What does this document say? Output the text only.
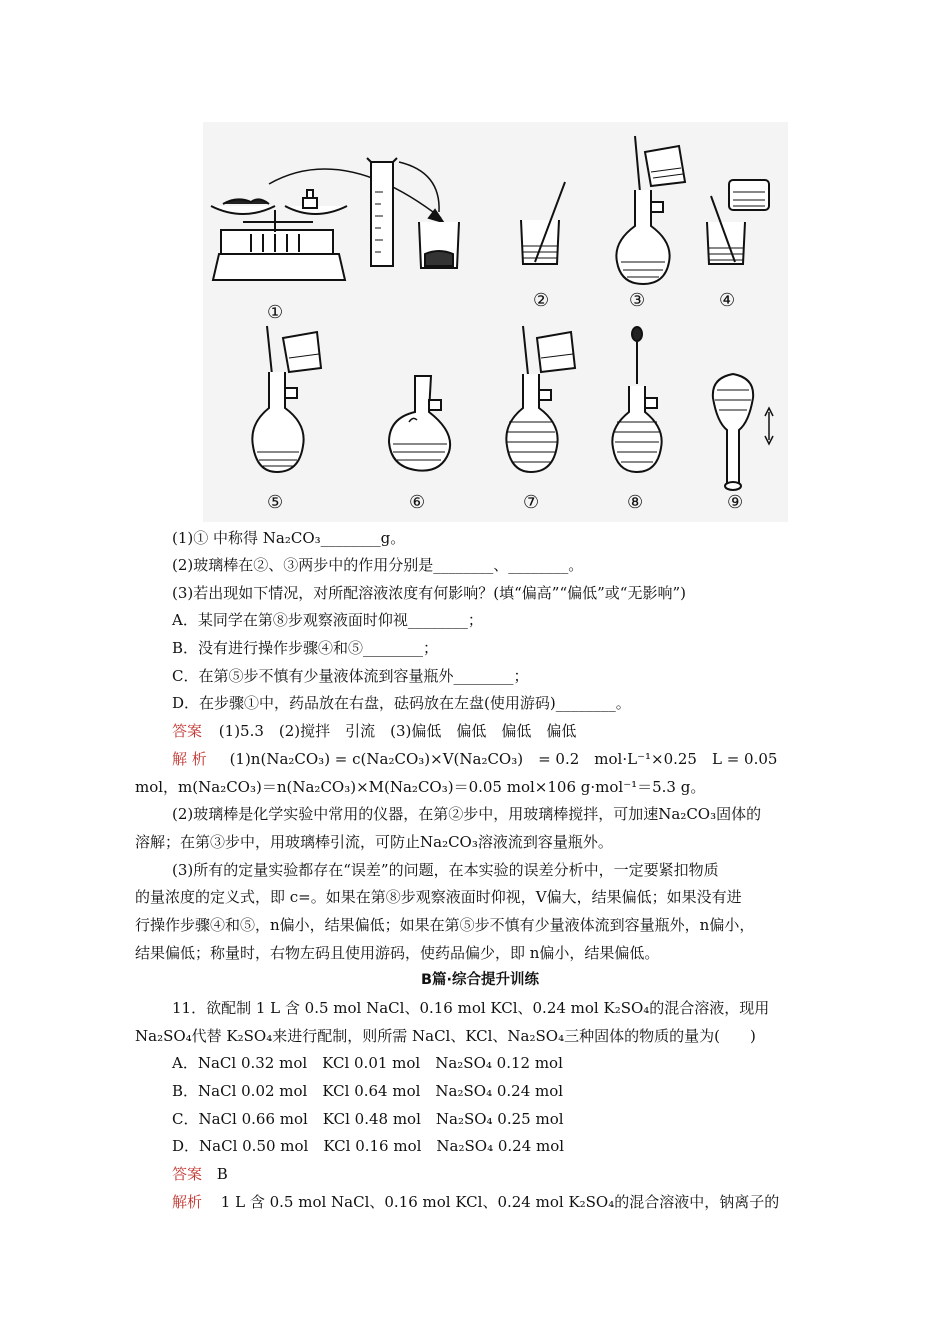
①
②	③	④
⑤	⑥	⑦	⑧	⑨
(1)① 中称得 Na₂CO₃________g。
(2)玻璃棒在②、③两步中的作用分别是________、________。
(3)若出现如下情况，对所配溶液浓度有何影响？(填“偏高”“偏低”或“无影响”)
A．某同学在第⑧步观察液面时仰视________；
B．没有进行操作步骤④和⑤________；
C．在第⑤步不慎有少量液体流到容量瓶外________；
D．在步骤①中，药品放在右盘，砝码放在左盘(使用游码)________。
答案 (1)5.3　(2)搅拌　引流　(3)偏低　偏低　偏低　偏低
解 析 (1)n(Na₂CO₃) = c(Na₂CO₃)×V(Na₂CO₃)　= 0.2　mol·L⁻¹×0.25　L = 0.05
mol，m(Na₂CO₃)＝n(Na₂CO₃)×M(Na₂CO₃)＝0.05 mol×106 g·mol⁻¹＝5.3 g。
(2)玻璃棒是化学实验中常用的仪器，在第②步中，用玻璃棒搅拌，可加速Na₂CO₃固体的
溶解；在第③步中，用玻璃棒引流，可防止Na₂CO₃溶液流到容量瓶外。
(3)所有的定量实验都存在“误差”的问题，在本实验的误差分析中，一定要紧扣物质
的量浓度的定义式，即 c=。如果在第⑧步观察液面时仰视，V偏大，结果偏低；如果没有进
行操作步骤④和⑤，n偏小，结果偏低；如果在第⑤步不慎有少量液体流到容量瓶外，n偏小，
结果偏低；称量时，右物左码且使用游码，使药品偏少，即 n偏小，结果偏低。
B篇·综合提升训练
11．欲配制 1 L 含 0.5 mol NaCl、0.16 mol KCl、0.24 mol K₂SO₄的混合溶液，现用
Na₂SO₄代替 K₂SO₄来进行配制，则所需 NaCl、KCl、Na₂SO₄三种固体的物质的量为(　　)
A．NaCl 0.32 mol　KCl 0.01 mol　Na₂SO₄ 0.12 mol
B．NaCl 0.02 mol　KCl 0.64 mol　Na₂SO₄ 0.24 mol
C．NaCl 0.66 mol　KCl 0.48 mol　Na₂SO₄ 0.25 mol
D．NaCl 0.50 mol　KCl 0.16 mol　Na₂SO₄ 0.24 mol
答案 B
解析 1 L 含 0.5 mol NaCl、0.16 mol KCl、0.24 mol K₂SO₄的混合溶液中，钠离子的
